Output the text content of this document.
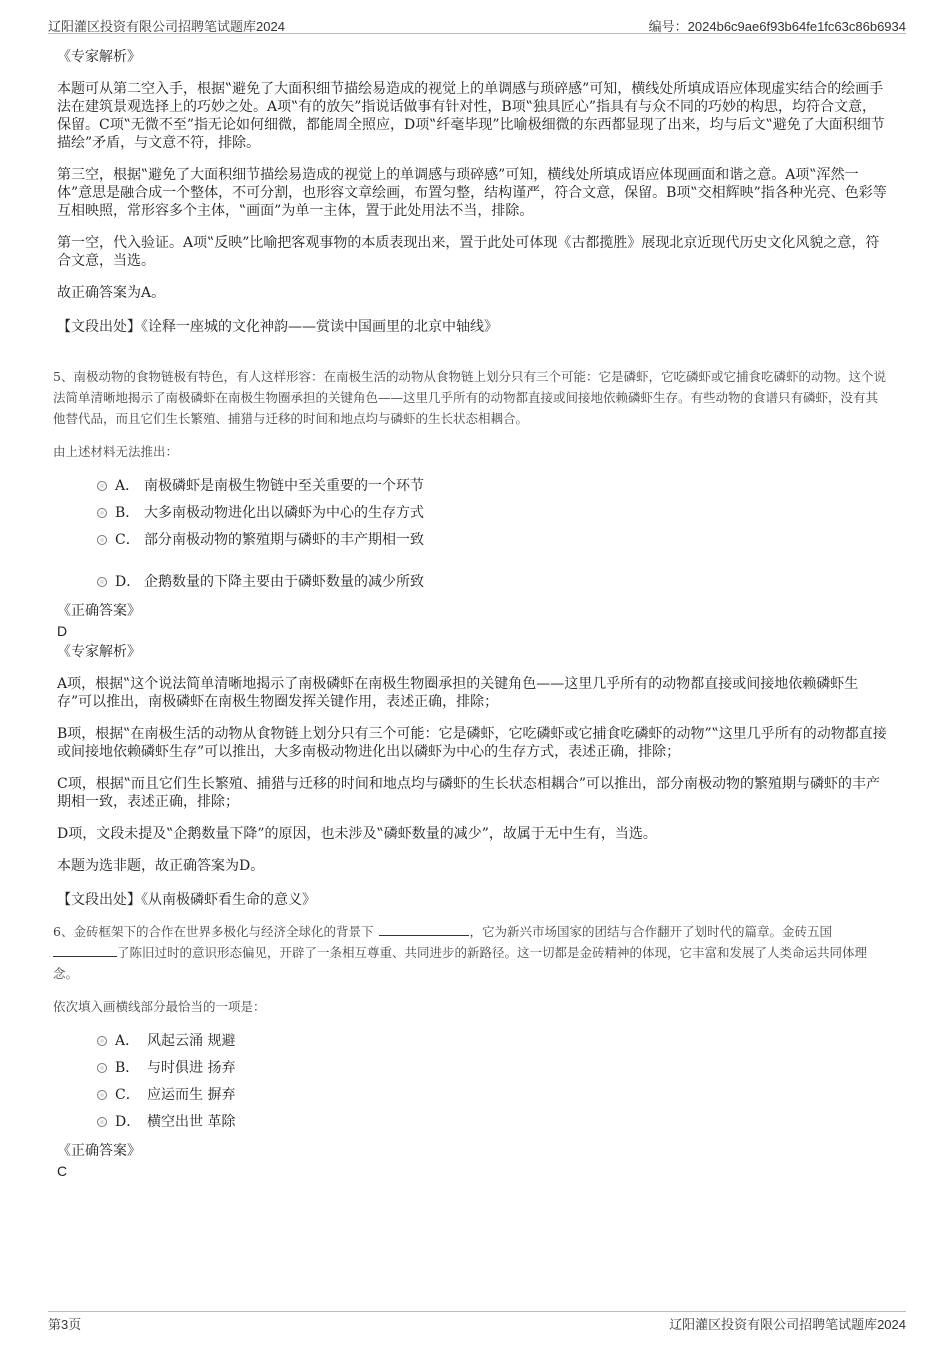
辽阳灌区投资有限公司招聘笔试题库2024	编号：2024b6c9ae6f93b64fe1fc63c86b6934

《专家解析》

本题可从第二空入手，根据‟避免了大面积细节描绘易造成的视觉上的单调感与琐碎感”可知，横线处所填成语应体现虚实结合的绘画手法在建筑景观选择上的巧妙之处。A项‟有的放矢”指说话做事有针对性，B项‟独具匠心”指具有与众不同的巧妙的构思，均符合文意，保留。C项‟无微不至”指无论如何细微，都能周全照应，D项‟纤毫毕现”比喻极细微的东西都显现了出来，均与后文‟避免了大面积细节描绘”矛盾，与文意不符，排除。

第三空，根据‟避免了大面积细节描绘易造成的视觉上的单调感与琐碎感”可知，横线处所填成语应体现画面和谐之意。A项‟浑然一体”意思是融合成一个整体，不可分割，也形容文章绘画，布置匀整，结构谨严，符合文意，保留。B项‟交相辉映”指各种光亮、色彩等互相映照，常形容多个主体，‟画面”为单一主体，置于此处用法不当，排除。

第一空，代入验证。A项‟反映”比喻把客观事物的本质表现出来，置于此处可体现《古都揽胜》展现北京近现代历史文化风貌之意，符合文意，当选。

故正确答案为A。

【文段出处】《诠释一座城的文化神韵——赏读中国画里的北京中轴线》

5、南极动物的食物链极有特色，有人这样形容：在南极生活的动物从食物链上划分只有三个可能：它是磷虾，它吃磷虾或它捕食吃磷虾的动物。这个说法简单清晰地揭示了南极磷虾在南极生物圈承担的关键角色——这里几乎所有的动物都直接或间接地依赖磷虾生存。有些动物的食谱只有磷虾，没有其他替代品，而且它们生长繁殖、捕猎与迁移的时间和地点均与磷虾的生长状态相耦合。

由上述材料无法推出：

A． 南极磷虾是南极生物链中至关重要的一个环节
B． 大多南极动物进化出以磷虾为中心的生存方式
C． 部分南极动物的繁殖期与磷虾的丰产期相一致
D． 企鹅数量的下降主要由于磷虾数量的减少所致

《正确答案》

D

《专家解析》

A项，根据‟这个说法简单清晰地揭示了南极磷虾在南极生物圈承担的关键角色——这里几乎所有的动物都直接或间接地依赖磷虾生存”可以推出，南极磷虾在南极生物圈发挥关键作用，表述正确，排除；

B项，根据‟在南极生活的动物从食物链上划分只有三个可能：它是磷虾，它吃磷虾或它捕食吃磷虾的动物”‟这里几乎所有的动物都直接或间接地依赖磷虾生存”可以推出，大多南极动物进化出以磷虾为中心的生存方式，表述正确，排除；

C项，根据‟而且它们生长繁殖、捕猎与迁移的时间和地点均与磷虾的生长状态相耦合”可以推出，部分南极动物的繁殖期与磷虾的丰产期相一致，表述正确，排除；

D项，文段未提及‟企鹅数量下降”的原因，也未涉及‟磷虾数量的减少”，故属于无中生有，当选。

本题为选非题，故正确答案为D。

【文段出处】《从南极磷虾看生命的意义》

6、金砖框架下的合作在世界多极化与经济全球化的背景下	，它为新兴市场国家的团结与合作翻开了划时代的篇章。金砖五国了陈旧过时的意识形态偏见，开辟了一条相互尊重、共同进步的新路径。这一切都是金砖精神的体现，它丰富和发展了人类命运共同体理念。

依次填入画横线部分最恰当的一项是：

A． 风起云涌 规避
B． 与时俱进 扬弃
C． 应运而生 摒弃
D． 横空出世 革除

《正确答案》

C

第3页	辽阳灌区投资有限公司招聘笔试题库2024
